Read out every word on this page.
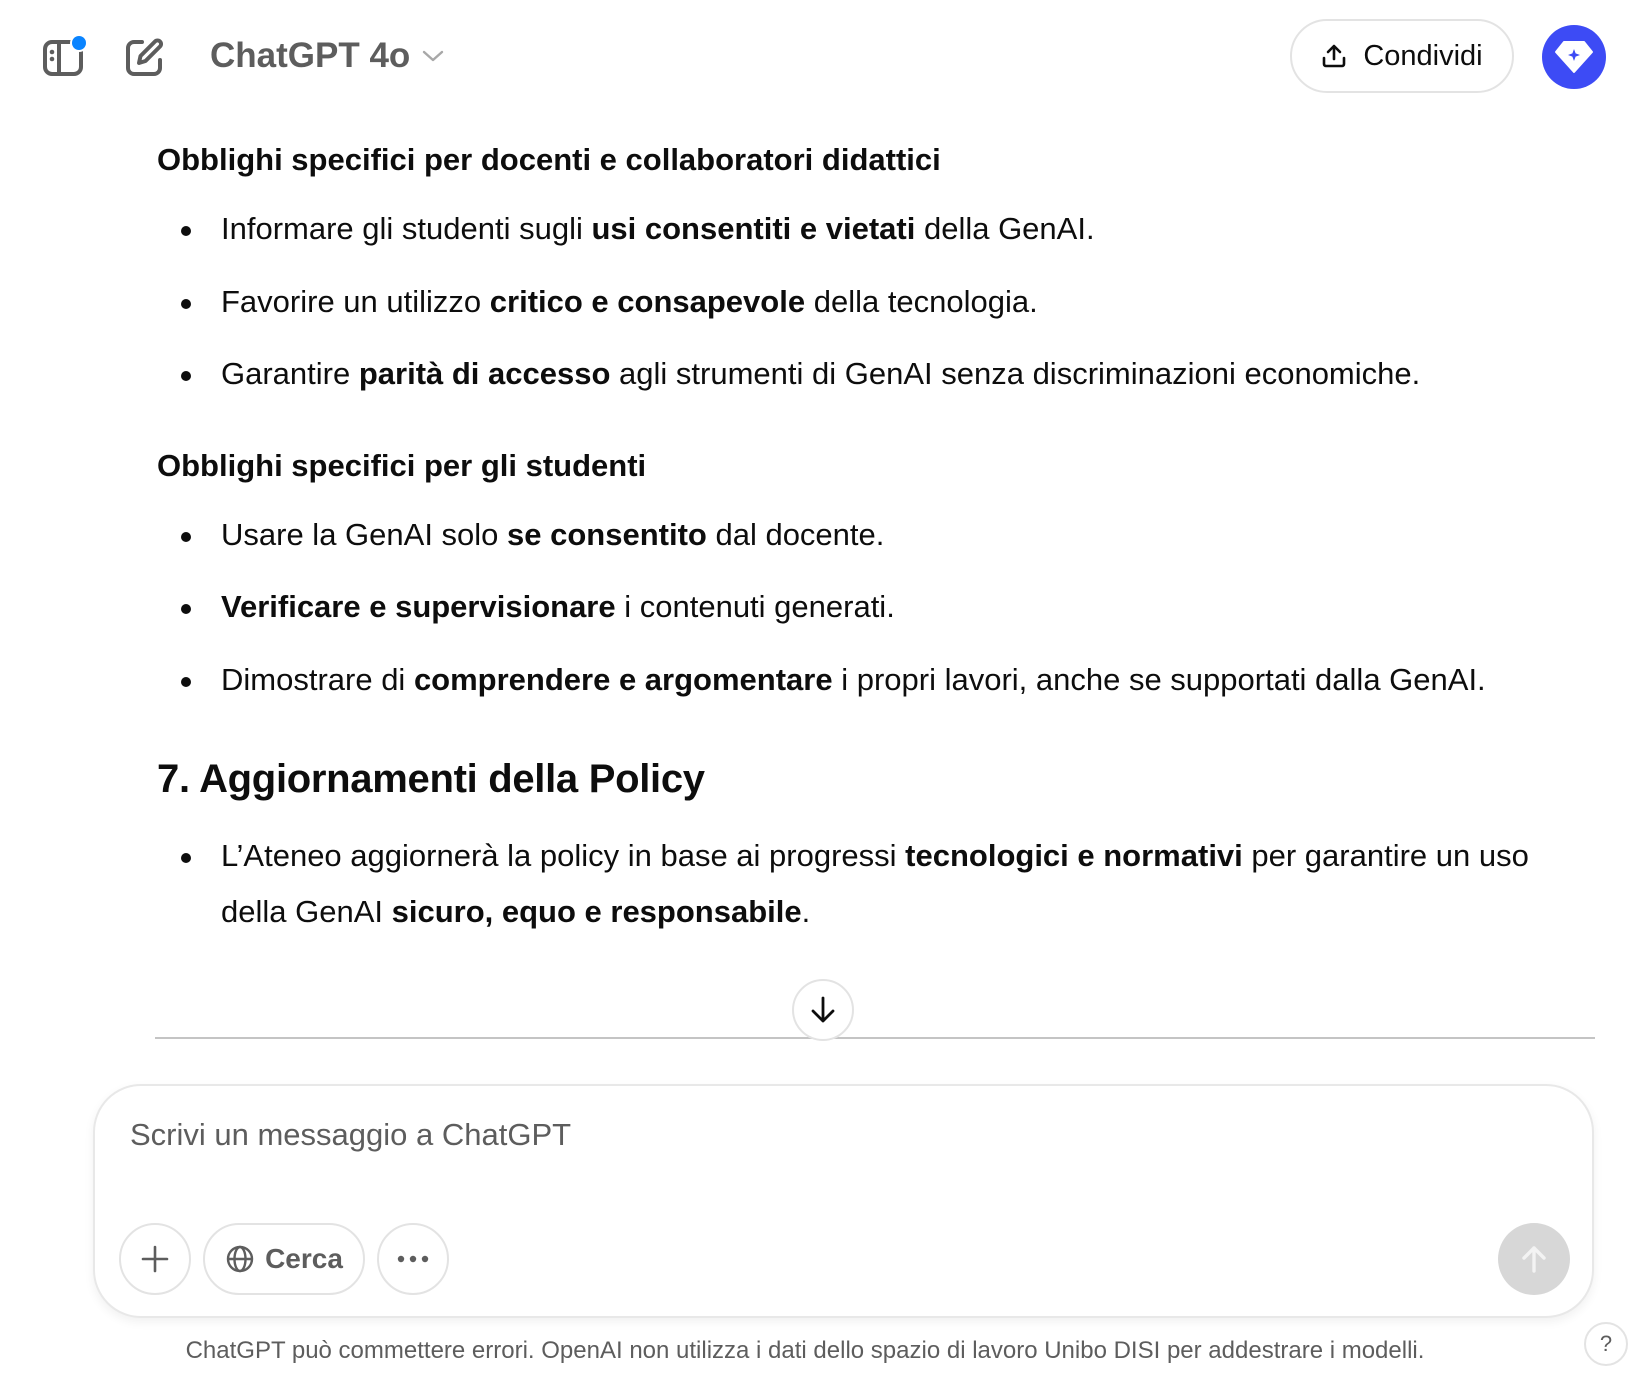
ChatGPT 4o	Condividi
Obblighi specifici per docenti e collaboratori didattici
Informare gli studenti sugli usi consentiti e vietati della GenAI.
Favorire un utilizzo critico e consapevole della tecnologia.
Garantire parità di accesso agli strumenti di GenAI senza discriminazioni economiche.
Obblighi specifici per gli studenti
Usare la GenAI solo se consentito dal docente.
Verificare e supervisionare i contenuti generati.
Dimostrare di comprendere e argomentare i propri lavori, anche se supportati dalla GenAI.
7. Aggiornamenti della Policy
L’Ateneo aggiornerà la policy in base ai progressi tecnologici e normativi per garantire un uso
della GenAI sicuro, equo e responsabile.
Scrivi un messaggio a ChatGPT
Cerca
ChatGPT può commettere errori. OpenAI non utilizza i dati dello spazio di lavoro Unibo DISI per addestrare i modelli.	?
